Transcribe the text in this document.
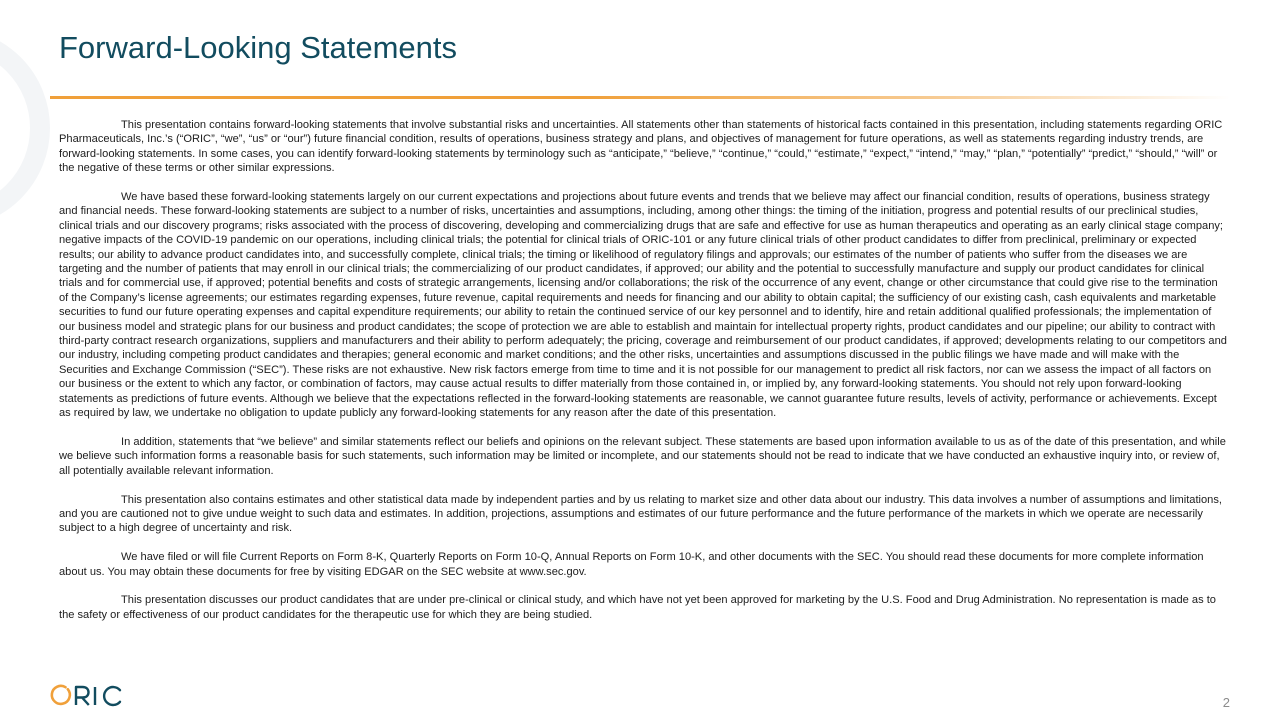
Forward-Looking Statements

This presentation contains forward-looking statements that involve substantial risks and uncertainties. All statements other than statements of historical facts contained in this presentation, including statements regarding ORIC Pharmaceuticals, Inc.’s (“ORIC”, “we”, “us” or “our”) future financial condition, results of operations, business strategy and plans, and objectives of management for future operations, as well as statements regarding industry trends, are forward-looking statements. In some cases, you can identify forward-looking statements by terminology such as “anticipate,” “believe,” “continue,” “could,” “estimate,” “expect,” “intend,” “may,” “plan,” “potentially” “predict,” “should,” “will” or the negative of these terms or other similar expressions.

We have based these forward-looking statements largely on our current expectations and projections about future events and trends that we believe may affect our financial condition, results of operations, business strategy and financial needs. These forward-looking statements are subject to a number of risks, uncertainties and assumptions, including, among other things: the timing of the initiation, progress and potential results of our preclinical studies, clinical trials and our discovery programs; risks associated with the process of discovering, developing and commercializing drugs that are safe and effective for use as human therapeutics and operating as an early clinical stage company; negative impacts of the COVID-19 pandemic on our operations, including clinical trials; the potential for clinical trials of ORIC-101 or any future clinical trials of other product candidates to differ from preclinical, preliminary or expected results; our ability to advance product candidates into, and successfully complete, clinical trials; the timing or likelihood of regulatory filings and approvals; our estimates of the number of patients who suffer from the diseases we are targeting and the number of patients that may enroll in our clinical trials; the commercializing of our product candidates, if approved; our ability and the potential to successfully manufacture and supply our product candidates for clinical trials and for commercial use, if approved; potential benefits and costs of strategic arrangements, licensing and/or collaborations; the risk of the occurrence of any event, change or other circumstance that could give rise to the termination of the Company’s license agreements; our estimates regarding expenses, future revenue, capital requirements and needs for financing and our ability to obtain capital; the sufficiency of our existing cash, cash equivalents and marketable securities to fund our future operating expenses and capital expenditure requirements; our ability to retain the continued service of our key personnel and to identify, hire and retain additional qualified professionals; the implementation of our business model and strategic plans for our business and product candidates; the scope of protection we are able to establish and maintain for intellectual property rights, product candidates and our pipeline; our ability to contract with third-party contract research organizations, suppliers and manufacturers and their ability to perform adequately; the pricing, coverage and reimbursement of our product candidates, if approved; developments relating to our competitors and our industry, including competing product candidates and therapies; general economic and market conditions; and the other risks, uncertainties and assumptions discussed in the public filings we have made and will make with the Securities and Exchange Commission (“SEC”). These risks are not exhaustive. New risk factors emerge from time to time and it is not possible for our management to predict all risk factors, nor can we assess the impact of all factors on our business or the extent to which any factor, or combination of factors, may cause actual results to differ materially from those contained in, or implied by, any forward-looking statements. You should not rely upon forward-looking statements as predictions of future events. Although we believe that the expectations reflected in the forward-looking statements are reasonable, we cannot guarantee future results, levels of activity, performance or achievements. Except as required by law, we undertake no obligation to update publicly any forward-looking statements for any reason after the date of this presentation.

In addition, statements that “we believe” and similar statements reflect our beliefs and opinions on the relevant subject. These statements are based upon information available to us as of the date of this presentation, and while we believe such information forms a reasonable basis for such statements, such information may be limited or incomplete, and our statements should not be read to indicate that we have conducted an exhaustive inquiry into, or review of, all potentially available relevant information.

This presentation also contains estimates and other statistical data made by independent parties and by us relating to market size and other data about our industry. This data involves a number of assumptions and limitations, and you are cautioned not to give undue weight to such data and estimates. In addition, projections, assumptions and estimates of our future performance and the future performance of the markets in which we operate are necessarily subject to a high degree of uncertainty and risk.

We have filed or will file Current Reports on Form 8-K, Quarterly Reports on Form 10-Q, Annual Reports on Form 10-K, and other documents with the SEC. You should read these documents for more complete information about us. You may obtain these documents for free by visiting EDGAR on the SEC website at www.sec.gov.

This presentation discusses our product candidates that are under pre-clinical or clinical study, and which have not yet been approved for marketing by the U.S. Food and Drug Administration. No representation is made as to the safety or effectiveness of our product candidates for the therapeutic use for which they are being studied.

2
